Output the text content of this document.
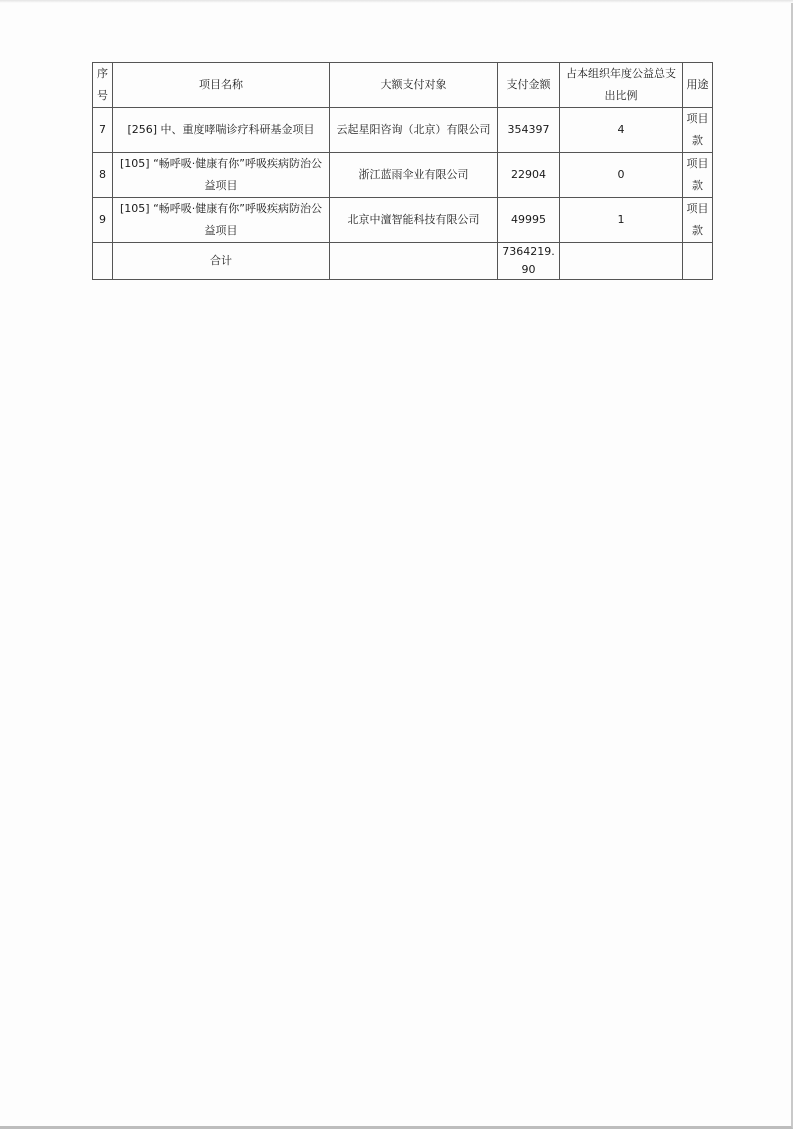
序号	项目名称	大额支付对象	支付金额	占本组织年度公益总支出比例	用途
7	[256] 中、重度哮喘诊疗科研基金项目	云起星阳咨询（北京）有限公司	354397	4	项目款
8	[105] “畅呼吸·健康有你”呼吸疾病防治公益项目	浙江蓝雨伞业有限公司	22904	0	项目款
9	[105] “畅呼吸·健康有你”呼吸疾病防治公益项目	北京中澶智能科技有限公司	49995	1	项目款
	合计		7364219.90		
